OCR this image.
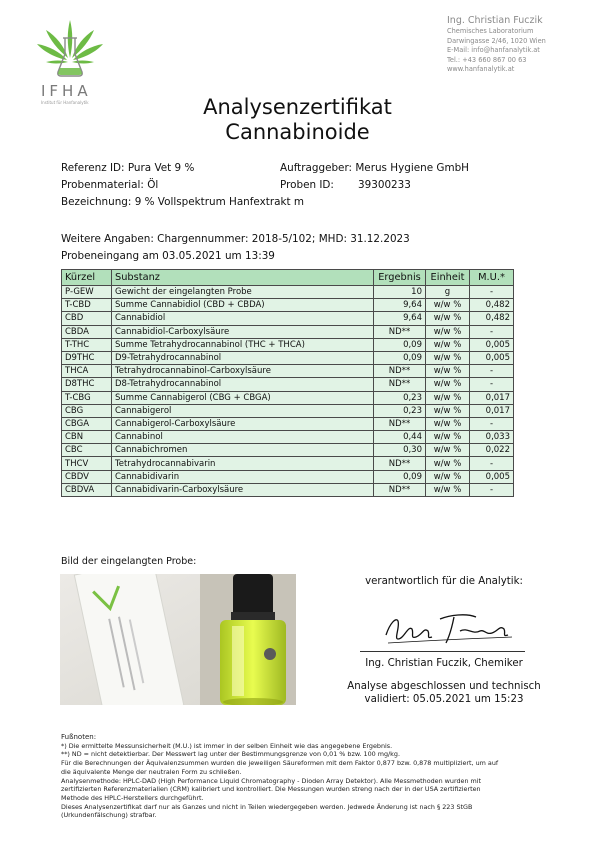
IFHA
Institut für Hanfanalytik
Ing. Christian Fuczik
Chemisches Laboratorium
Darwingasse 2/46, 1020 Wien
E-Mail: info@hanfanalytik.at
Tel.: +43 660 867 00 63
www.hanfanalytik.at
Analysenzertifikat
Cannabinoide
Referenz ID: Pura Vet 9 %	Auftraggeber: Merus Hygiene GmbH
Probenmaterial: Öl	Proben ID: 39300233
Bezeichnung: 9 % Vollspektrum Hanfextrakt m
Weitere Angaben: Chargennummer: 2018-5/102; MHD: 31.12.2023
Probeneingang am 03.05.2021 um 13:39
Kürzel	Substanz	Ergebnis	Einheit	M.U.*
P-GEW	Gewicht der eingelangten Probe	10	g	-
T-CBD	Summe Cannabidiol (CBD + CBDA)	9,64	w/w %	0,482
CBD	Cannabidiol	9,64	w/w %	0,482
CBDA	Cannabidiol-Carboxylsäure	ND**	w/w %	-
T-THC	Summe Tetrahydrocannabinol (THC + THCA)	0,09	w/w %	0,005
D9THC	D9-Tetrahydrocannabinol	0,09	w/w %	0,005
THCA	Tetrahydrocannabinol-Carboxylsäure	ND**	w/w %	-
D8THC	D8-Tetrahydrocannabinol	ND**	w/w %	-
T-CBG	Summe Cannabigerol (CBG + CBGA)	0,23	w/w %	0,017
CBG	Cannabigerol	0,23	w/w %	0,017
CBGA	Cannabigerol-Carboxylsäure	ND**	w/w %	-
CBN	Cannabinol	0,44	w/w %	0,033
CBC	Cannabichromen	0,30	w/w %	0,022
THCV	Tetrahydrocannabivarin	ND**	w/w %	-
CBDV	Cannabidivarin	0,09	w/w %	0,005
CBDVA	Cannabidivarin-Carboxylsäure	ND**	w/w %	-
Bild der eingelangten Probe:
verantwortlich für die Analytik:
Ing. Christian Fuczik, Chemiker
Analyse abgeschlossen und technisch
validiert: 05.05.2021 um 15:23
Fußnoten:
*) Die ermittelte Messunsicherheit (M.U.) ist immer in der selben Einheit wie das angegebene Ergebnis.
**) ND = nicht detektierbar. Der Messwert lag unter der Bestimmungsgrenze von 0,01 % bzw. 100 mg/kg.
Für die Berechnungen der Äquivalenzsummen wurden die jeweiligen Säureformen mit dem Faktor 0,877 bzw. 0,878 multipliziert, um auf
die äquivalente Menge der neutralen Form zu schließen.
Analysenmethode: HPLC-DAD (High Performance Liquid Chromatography - Dioden Array Detektor). Alle Messmethoden wurden mit
zertifizierten Referenzmaterialien (CRM) kalibriert und kontrolliert. Die Messungen wurden streng nach der in der USA zertifizierten
Methode des HPLC-Herstellers durchgeführt.
Dieses Analysenzertifikat darf nur als Ganzes und nicht in Teilen wiedergegeben werden. Jedwede Änderung ist nach § 223 StGB
(Urkundenfälschung) strafbar.
